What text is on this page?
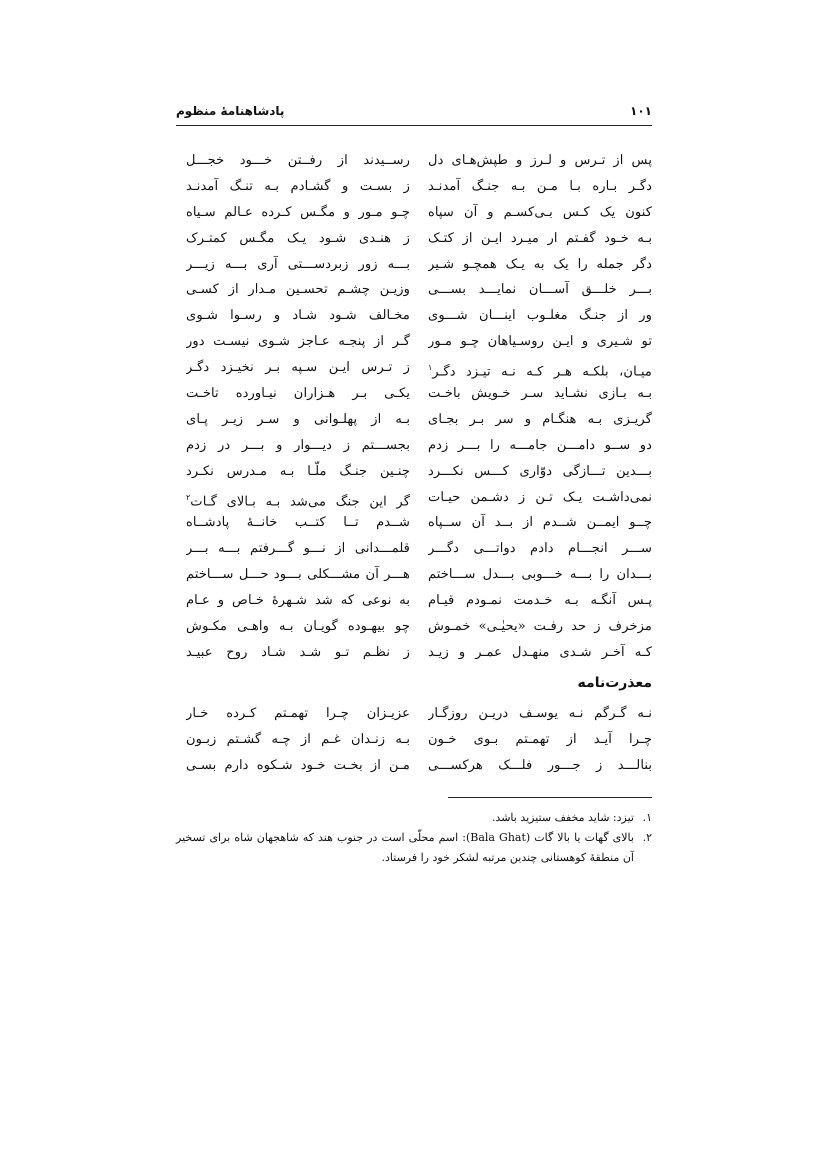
۱۰۱
پادشاهنامهٔ منظوم
پس از تـرس و لـرز و طپش‌هـای دل
رســیدند از رفــتن خـــود خجـــل
دگـر بـاره بـا مـن بـه جنـگ آمدنـد
ز بسـت و گشـادم بـه تنـگ آمدنـد
کنون یک کـس بـی‌کسـم و آن سپاه
چـو مـور و مگـس کـرده عـالم سـیاه
بـه خـود گفـتم ار میـرد ایـن از کتـک
ز هنـدی شـود یـک مگـس کمتـرک
دگر جمله را یک به یـک همچـو شـیر
بـــه زور زبردســـتی آرى بـــه زیـــر
بـــر خلـــق آســـان نمایـــد بســـی
وزیـن چشـم تحسـین مـدار از کسـی
ور از جنـگ مغلـوب اینـــان شـــوی
مخـالف شـود شـاد و رسـوا شـوی
تو شـیری و ایـن روسـیاهان چـو مـور
گـر از پنجـه عـاجز شـوی نیسـت دور
میـان، بلکـه هـر کـه نـه تیـزد دگـر$^۱$
ز تـرس ایـن سـپه بـر نخیـزد دگـر
بـه بـازی نشـاید سـر خـویش باخـت
یکـی بـر هـزاران نیـاورده تاخـت
گریـزی بـه هنگـام و سر بـر بجـای
بـه از پهلـوانی و سـر زیـر پـای
دو ســو دامـــن جامـــه را بـــر زدم
بجســـتم ز دیـــوار و بـــر در زدم
بـــدین تـــازگی دوّاری کـــس نکـــرد
چنـین جنـگ ملّـا بـه مـدرس نکـرد
نمی‌داشـت یـک تـن ز دشـمن حیـات
گر این جنگ می‌شد بـه بـالای گـات$^۲$
چــو ایمــن شــدم از بــد آن ســپاه
شــدم تــا کتــب خانــهٔ پادشــاه
ســـر انجـــام دادم دواتـــی دگـــر
قلمـــدانی از نـــو گـــرفتم بـــه بـــر
بـــدان را بـــه خـــوبی بـــدل ســـاختم
هـــر آن مشـــکلی بـــود حـــل ســـاختم
پـس آنگـه بـه خـدمت نمـودم قیـام
به نوعی که شد شـهرهٔ خـاص و عـام
مزخرف ز حد رفـت «یحیٰـی» خمـوش
چو بیهـوده گویـان بـه واهـی مکـوش
کـه آخـر شـدی منهـدل عمـر و زیـد
ز نظـم تـو شـد شـاد روح عبیـد
معذرت‌نامه
نـه گـرگم نـه یوسـف دریـن روزگـار
عزیـزان چـرا تهمـتم کـرده خـار
چـرا آیـد از تهمـتم بـوی خـون
بـه زنـدان غـم از چـه گشـتم زبـون
بنالـــد ز جـــور فلـــک هرکســـی
مـن از بخـت خـود شـکوه دارم بسـی
۱.
تیزد: شاید مخفف ستیزید باشد.
۲.
بالای گهات یا بالا گات (Bala Ghat): اسم محلّی است در جنوب هند که شاهجهان شاه برای تسخیر آن منطقهٔ کوهستانی چندین مرتبه لشکر خود را فرستاد.
